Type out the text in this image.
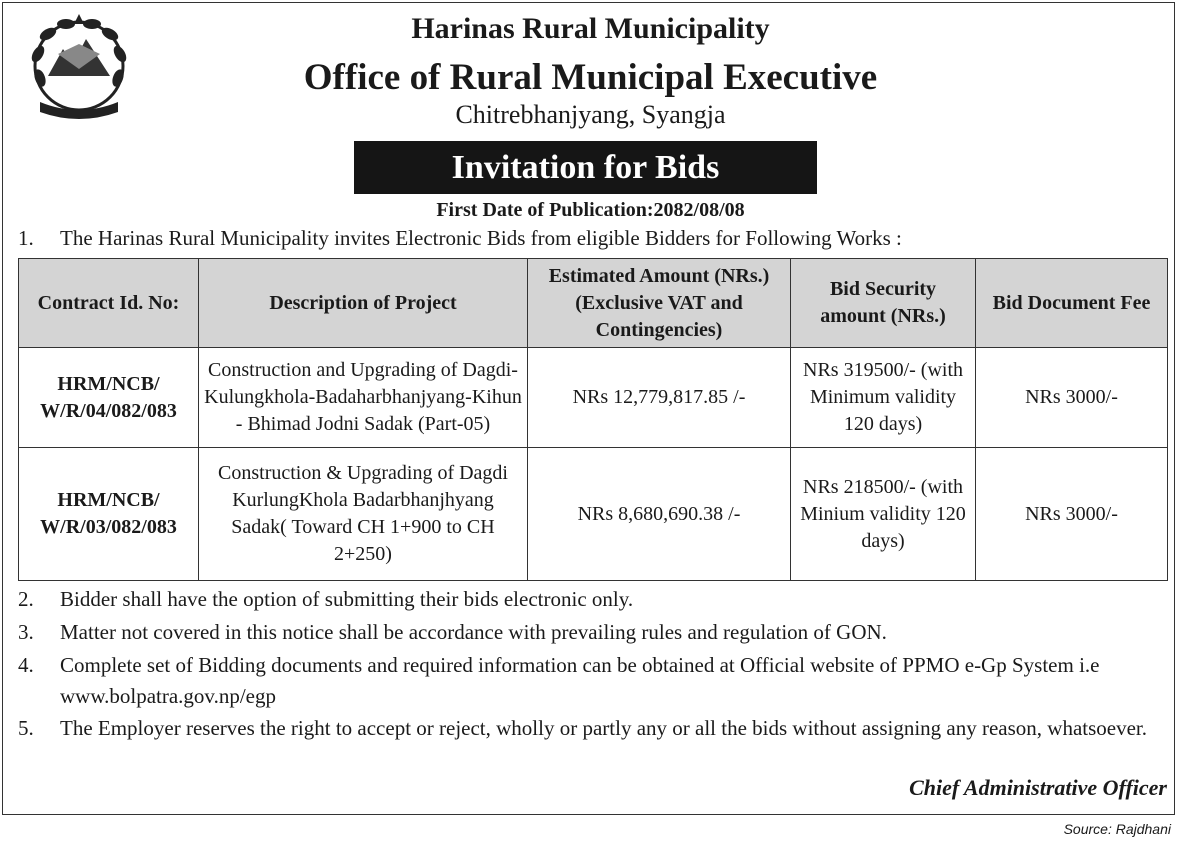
Harinas Rural Municipality
Office of Rural Municipal Executive
Chitrebhanjyang, Syangja
Invitation for Bids
First Date of Publication:2082/08/08
1. The Harinas Rural Municipality invites Electronic Bids from eligible Bidders for Following Works :
Contract Id. No:	Description of Project	Estimated Amount (NRs.) (Exclusive VAT and Contingencies)	Bid Security amount (NRs.)	Bid Document Fee
HRM/NCB/ W/R/04/082/083	Construction and Upgrading of Dagdi-Kulungkhola-Badaharbhanjyang-Kihun - Bhimad Jodni Sadak (Part-05)	NRs 12,779,817.85 /-	NRs 319500/- (with Minimum validity 120 days)	NRs 3000/-
HRM/NCB/ W/R/03/082/083	Construction & Upgrading of Dagdi KurlungKhola Badarbhanjhyang Sadak( Toward CH 1+900 to CH 2+250)	NRs 8,680,690.38 /-	NRs 218500/- (with Minium validity 120 days)	NRs 3000/-
2. Bidder shall have the option of submitting their bids electronic only.
3. Matter not covered in this notice shall be accordance with prevailing rules and regulation of GON.
4. Complete set of Bidding documents and required information can be obtained at Official website of PPMO e-Gp System i.e www.bolpatra.gov.np/egp
5. The Employer reserves the right to accept or reject, wholly or partly any or all the bids without assigning any reason, whatsoever.
Chief Administrative Officer
Source: Rajdhani
